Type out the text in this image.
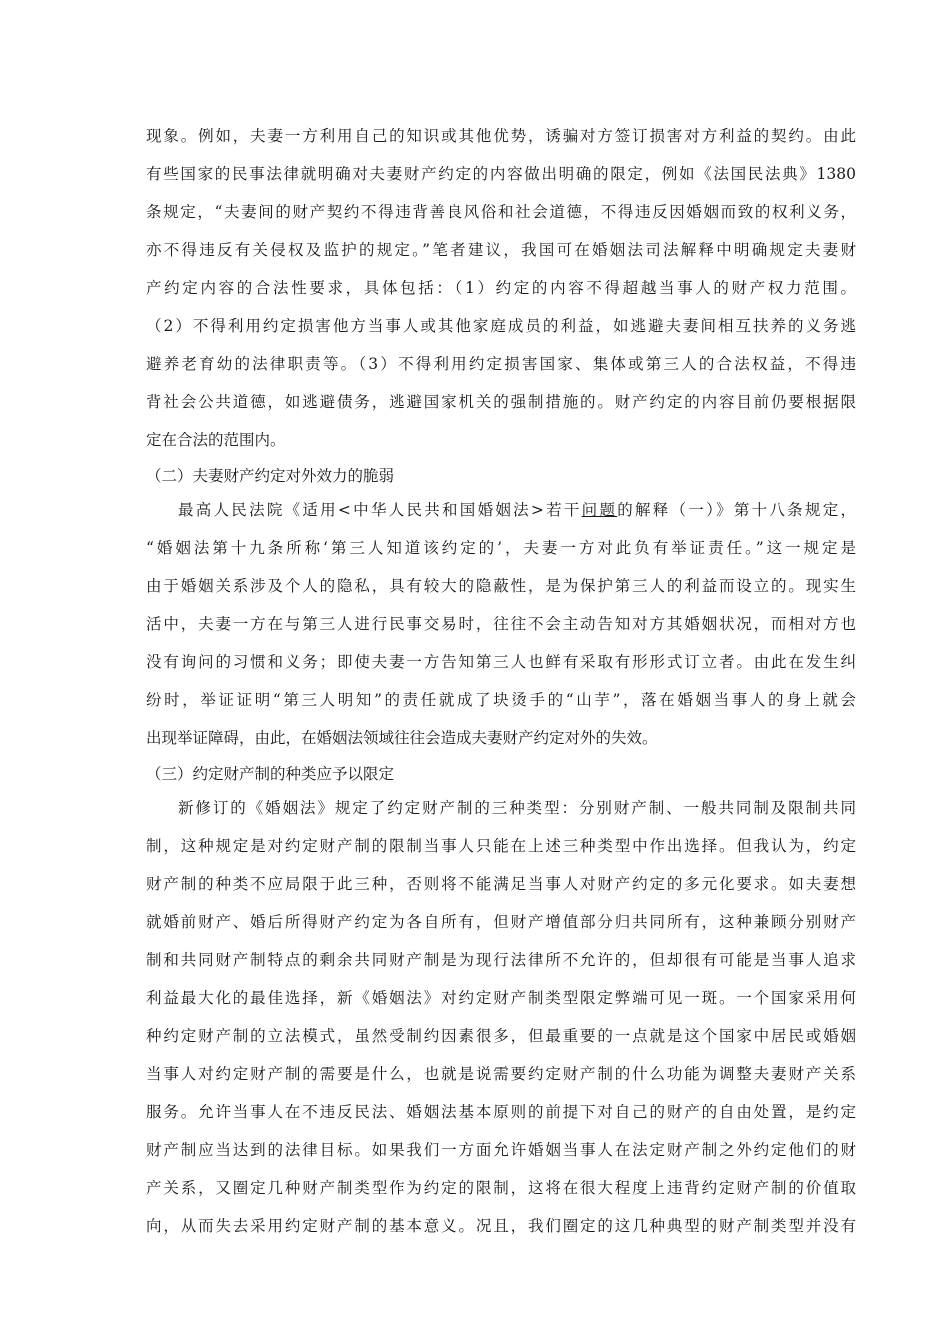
现象。例如，夫妻一方利用自己的知识或其他优势，诱骗对方签订损害对方利益的契约。由此
有些国家的民事法律就明确对夫妻财产约定的内容做出明确的限定，例如《法国民法典》1380
条规定，“夫妻间的财产契约不得违背善良风俗和社会道德，不得违反因婚姻而致的权利义务，
亦不得违反有关侵权及监护的规定。”笔者建议，我国可在婚姻法司法解释中明确规定夫妻财
产约定内容的合法性要求，具体包括：（1）约定的内容不得超越当事人的财产权力范围。
（2）不得利用约定损害他方当事人或其他家庭成员的利益，如逃避夫妻间相互扶养的义务逃
避养老育幼的法律职责等。（3）不得利用约定损害国家、集体或第三人的合法权益，不得违
背社会公共道德，如逃避债务，逃避国家机关的强制措施的。财产约定的内容目前仍要根据限
定在合法的范围内。
（二）夫妻财产约定对外效力的脆弱
最高人民法院《适用<中华人民共和国婚姻法>若干问题的解释（一）》第十八条规定，
“婚姻法第十九条所称‘第三人知道该约定的’，夫妻一方对此负有举证责任。”这一规定是
由于婚姻关系涉及个人的隐私，具有较大的隐蔽性，是为保护第三人的利益而设立的。现实生
活中，夫妻一方在与第三人进行民事交易时，往往不会主动告知对方其婚姻状况，而相对方也
没有询问的习惯和义务；即使夫妻一方告知第三人也鲜有采取有形形式订立者。由此在发生纠
纷时，举证证明“第三人明知”的责任就成了块烫手的“山芋”，落在婚姻当事人的身上就会
出现举证障碍，由此，在婚姻法领域往往会造成夫妻财产约定对外的失效。
（三）约定财产制的种类应予以限定
新修订的《婚姻法》规定了约定财产制的三种类型：分别财产制、一般共同制及限制共同
制，这种规定是对约定财产制的限制当事人只能在上述三种类型中作出选择。但我认为，约定
财产制的种类不应局限于此三种，否则将不能满足当事人对财产约定的多元化要求。如夫妻想
就婚前财产、婚后所得财产约定为各自所有，但财产增值部分归共同所有，这种兼顾分别财产
制和共同财产制特点的剩余共同财产制是为现行法律所不允许的，但却很有可能是当事人追求
利益最大化的最佳选择，新《婚姻法》对约定财产制类型限定弊端可见一斑。一个国家采用何
种约定财产制的立法模式，虽然受制约因素很多，但最重要的一点就是这个国家中居民或婚姻
当事人对约定财产制的需要是什么，也就是说需要约定财产制的什么功能为调整夫妻财产关系
服务。允许当事人在不违反民法、婚姻法基本原则的前提下对自己的财产的自由处置，是约定
财产制应当达到的法律目标。如果我们一方面允许婚姻当事人在法定财产制之外约定他们的财
产关系，又圈定几种财产制类型作为约定的限制，这将在很大程度上违背约定财产制的价值取
向，从而失去采用约定财产制的基本意义。况且，我们圈定的这几种典型的财产制类型并没有
